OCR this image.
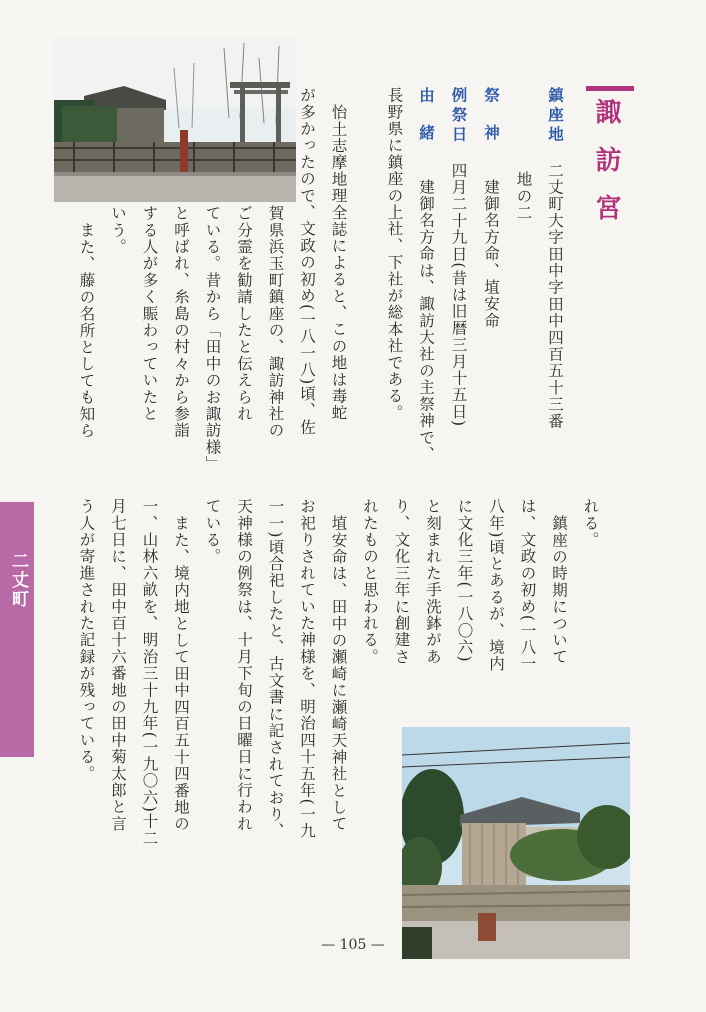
諏訪宮
鎮座地　二丈町大字田中字田中四百五十三番
地の二
祭神　建御名方命、埴安命
例祭日　四月二十九日(昔は旧暦三月十五日)
由緒　建御名方命は、諏訪大社の主祭神で、
長野県に鎮座の上社、下社が総本社である。
怡土志摩地理全誌によると、この地は毒蛇
が多かったので、文政の初め(一八一八)頃、佐
賀県浜玉町鎮座の、諏訪神社の
ご分霊を勧請したと伝えられ
ている。昔から「田中のお諏訪様」
と呼ばれ、糸島の村々から参詣
する人が多く賑わっていたと
いう。
また、藤の名所としても知ら
れる。
鎮座の時期について
は、文政の初め(一八一
八年)頃とあるが、境内
に文化三年(一八〇六)
と刻まれた手洗鉢があ
り、文化三年に創建さ
れたものと思われる。
埴安命は、田中の瀬崎に瀬崎天神社として
お祀りされていた神様を、明治四十五年(一九
一一)頃合祀したと、古文書に記されており、
天神様の例祭は、十月下旬の日曜日に行われ
ている。
また、境内地として田中四百五十四番地の
一、山林六畝を、明治三十九年(一九〇六)十二
月七日に、田中百十六番地の田中菊太郎と言
う人が寄進された記録が残っている。
二丈町
— 105 —
